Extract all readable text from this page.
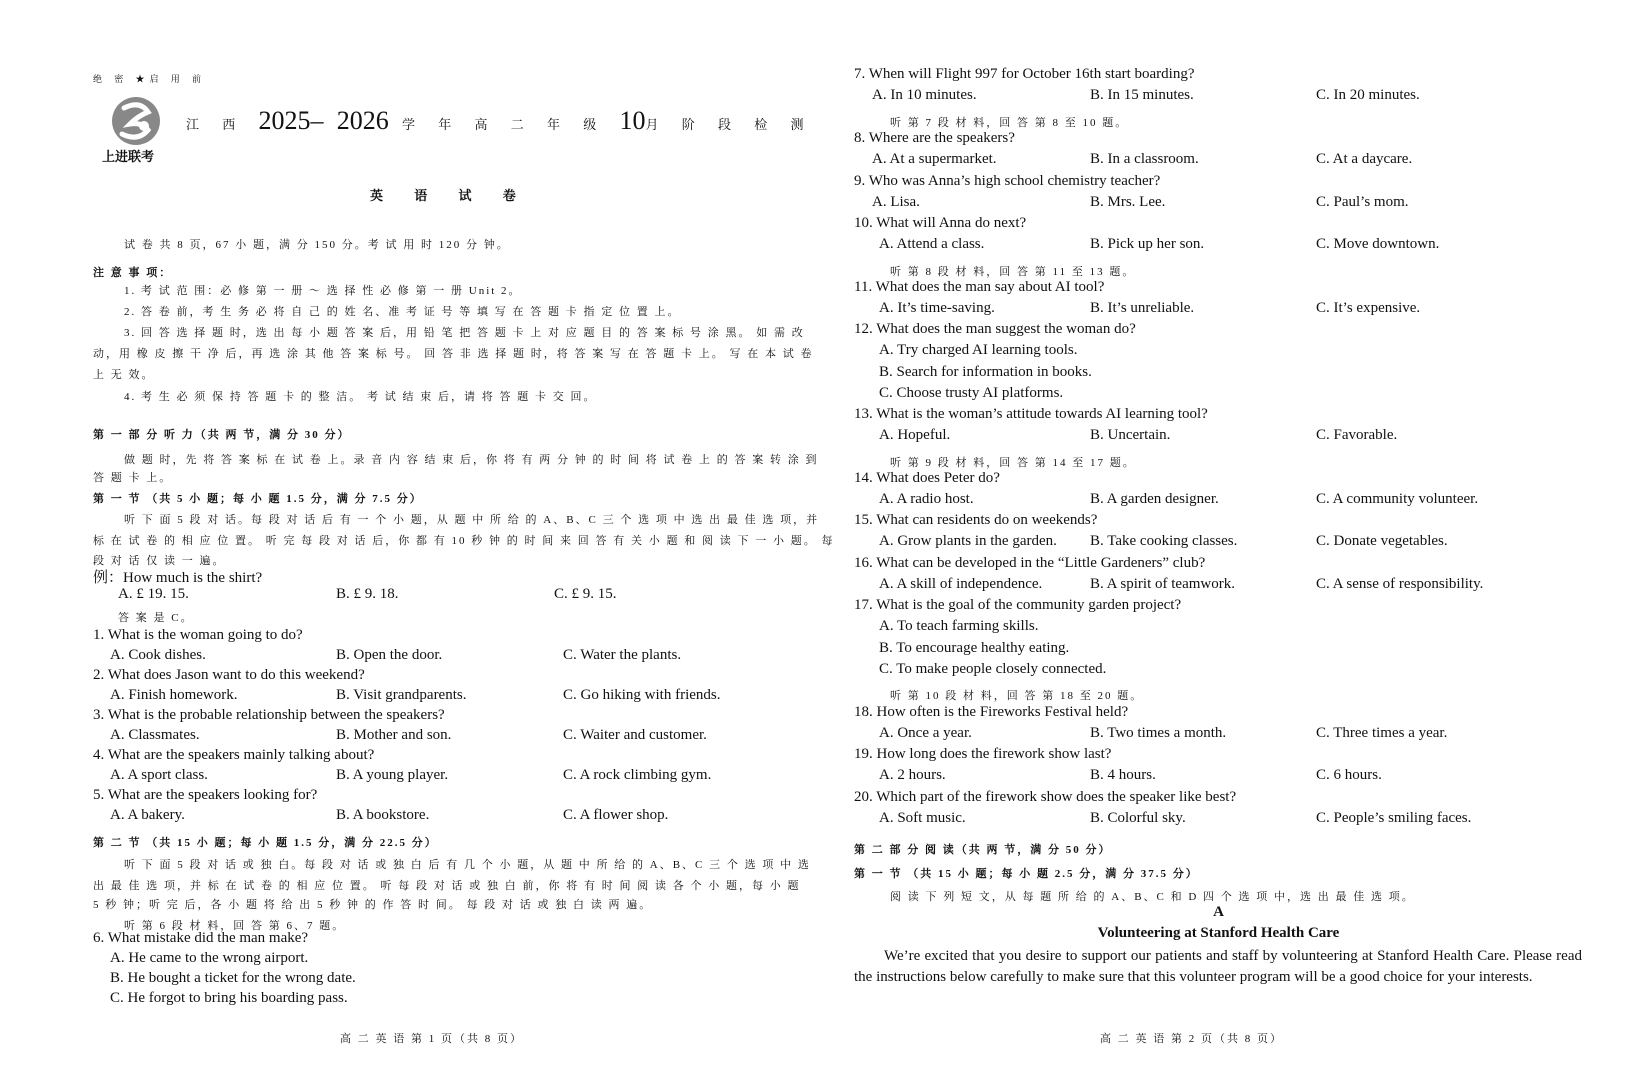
绝 密 ★启 用 前
上进联考
江 西 2025– 2026 学 年 高 二 年 级 10月 阶 段 检 测
英 语 试 卷
试 卷 共 8 页，67 小 题，满 分 150 分。考 试 用 时 120 分 钟。
注 意 事 项：
1. 考 试 范 围：必 修 第 一 册 ～ 选 择 性 必 修 第 一 册 Unit 2。
2. 答 卷 前，考 生 务 必 将 自 己 的 姓 名、准 考 证 号 等 填 写 在 答 题 卡 指 定 位 置 上。
3. 回 答 选 择 题 时，选 出 每 小 题 答 案 后，用 铅 笔 把 答 题 卡 上 对 应 题 目 的 答 案 标 号 涂 黑。 如 需 改
动，用 橡 皮 擦 干 净 后，再 选 涂 其 他 答 案 标 号。 回 答 非 选 择 题 时，将 答 案 写 在 答 题 卡 上。 写 在 本 试 卷
上 无 效。
4. 考 生 必 须 保 持 答 题 卡 的 整 洁。 考 试 结 束 后，请 将 答 题 卡 交 回。
第 一 部 分 听 力（共 两 节，满 分 30 分）
做 题 时，先 将 答 案 标 在 试 卷 上。录 音 内 容 结 束 后，你 将 有 两 分 钟 的 时 间 将 试 卷 上 的 答 案 转 涂 到
答 题 卡 上。
第 一 节 （共 5 小 题；每 小 题 1.5 分，满 分 7.5 分）
听 下 面 5 段 对 话。每 段 对 话 后 有 一 个 小 题，从 题 中 所 给 的 A、B、C 三 个 选 项 中 选 出 最 佳 选 项，并
标 在 试 卷 的 相 应 位 置。 听 完 每 段 对 话 后，你 都 有 10 秒 钟 的 时 间 来 回 答 有 关 小 题 和 阅 读 下 一 小 题。 每
段 对 话 仅 读 一 遍。
例：How much is the shirt?
A. £ 19. 15.	B. £ 9. 18.	C. £ 9. 15.
答 案 是 C。
1. What is the woman going to do?
A. Cook dishes.	B. Open the door.	C. Water the plants.
2. What does Jason want to do this weekend?
A. Finish homework.	B. Visit grandparents.	C. Go hiking with friends.
3. What is the probable relationship between the speakers?
A. Classmates.	B. Mother and son.	C. Waiter and customer.
4. What are the speakers mainly talking about?
A. A sport class.	B. A young player.	C. A rock climbing gym.
5. What are the speakers looking for?
A. A bakery.	B. A bookstore.	C. A flower shop.
第 二 节 （共 15 小 题；每 小 题 1.5 分，满 分 22.5 分）
听 下 面 5 段 对 话 或 独 白。每 段 对 话 或 独 白 后 有 几 个 小 题，从 题 中 所 给 的 A、B、C 三 个 选 项 中 选
出 最 佳 选 项，并 标 在 试 卷 的 相 应 位 置。 听 每 段 对 话 或 独 白 前，你 将 有 时 间 阅 读 各 个 小 题，每 小 题
5 秒 钟；听 完 后，各 小 题 将 给 出 5 秒 钟 的 作 答 时 间。 每 段 对 话 或 独 白 读 两 遍。
听 第 6 段 材 料，回 答 第 6、7 题。
6. What mistake did the man make?
A. He came to the wrong airport.
B. He bought a ticket for the wrong date.
C. He forgot to bring his boarding pass.
高 二 英 语 第 1 页（共 8 页）
7. When will Flight 997 for October 16th start boarding?
A. In 10 minutes.	B. In 15 minutes.	C. In 20 minutes.
听 第 7 段 材 料，回 答 第 8 至 10 题。
8. Where are the speakers?
A. At a supermarket.	B. In a classroom.	C. At a daycare.
9. Who was Anna’s high school chemistry teacher?
A. Lisa.	B. Mrs. Lee.	C. Paul’s mom.
10. What will Anna do next?
A. Attend a class.	B. Pick up her son.	C. Move downtown.
听 第 8 段 材 料，回 答 第 11 至 13 题。
11. What does the man say about AI tool?
A. It’s time-saving.	B. It’s unreliable.	C. It’s expensive.
12. What does the man suggest the woman do?
A. Try charged AI learning tools.
B. Search for information in books.
C. Choose trusty AI platforms.
13. What is the woman’s attitude towards AI learning tool?
A. Hopeful.	B. Uncertain.	C. Favorable.
听 第 9 段 材 料，回 答 第 14 至 17 题。
14. What does Peter do?
A. A radio host.	B. A garden designer.	C. A community volunteer.
15. What can residents do on weekends?
A. Grow plants in the garden. B. Take cooking classes.	C. Donate vegetables.
16. What can be developed in the “Little Gardeners” club?
A. A skill of independence.	B. A spirit of teamwork.	C. A sense of responsibility.
17. What is the goal of the community garden project?
A. To teach farming skills.
B. To encourage healthy eating.
C. To make people closely connected.
听 第 10 段 材 料，回 答 第 18 至 20 题。
18. How often is the Fireworks Festival held?
A. Once a year.	B. Two times a month.	C. Three times a year.
19. How long does the firework show last?
A. 2 hours.	B. 4 hours.	C. 6 hours.
20. Which part of the firework show does the speaker like best?
A. Soft music.	B. Colorful sky.	C. People’s smiling faces.
第 二 部 分 阅 读（共 两 节，满 分 50 分）
第 一 节 （共 15 小 题；每 小 题 2.5 分，满 分 37.5 分）
阅 读 下 列 短 文，从 每 题 所 给 的 A、B、C 和 D 四 个 选 项 中，选 出 最 佳 选 项。
A
Volunteering at Stanford Health Care
We’re excited that you desire to support our patients and staff by volunteering at Stanford Health Care. Please read the instructions below carefully to make sure that this volunteer program will be a good choice for your interests.
高 二 英 语 第 2 页（共 8 页）
